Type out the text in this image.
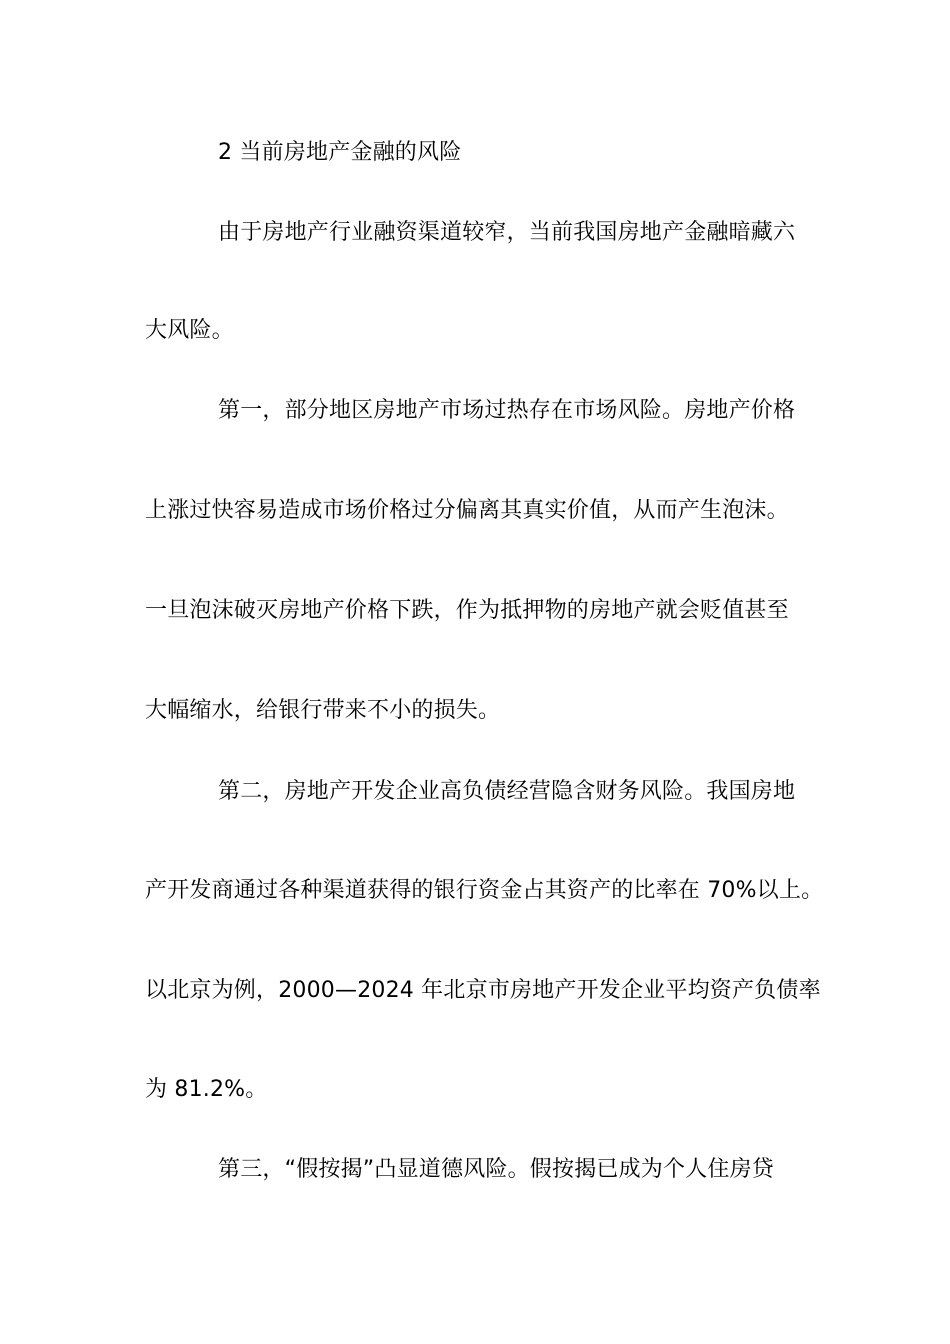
2 当前房地产金融的风险
由于房地产行业融资渠道较窄，当前我国房地产金融暗藏六
大风险。
第一，部分地区房地产市场过热存在市场风险。房地产价格
上涨过快容易造成市场价格过分偏离其真实价值，从而产生泡沫。
一旦泡沫破灭房地产价格下跌，作为抵押物的房地产就会贬值甚至
大幅缩水，给银行带来不小的损失。
第二，房地产开发企业高负债经营隐含财务风险。我国房地
产开发商通过各种渠道获得的银行资金占其资产的比率在 70%以上。
以北京为例，2000—2024 年北京市房地产开发企业平均资产负债率
为 81.2%。
第三，“假按揭”凸显道德风险。假按揭已成为个人住房贷
